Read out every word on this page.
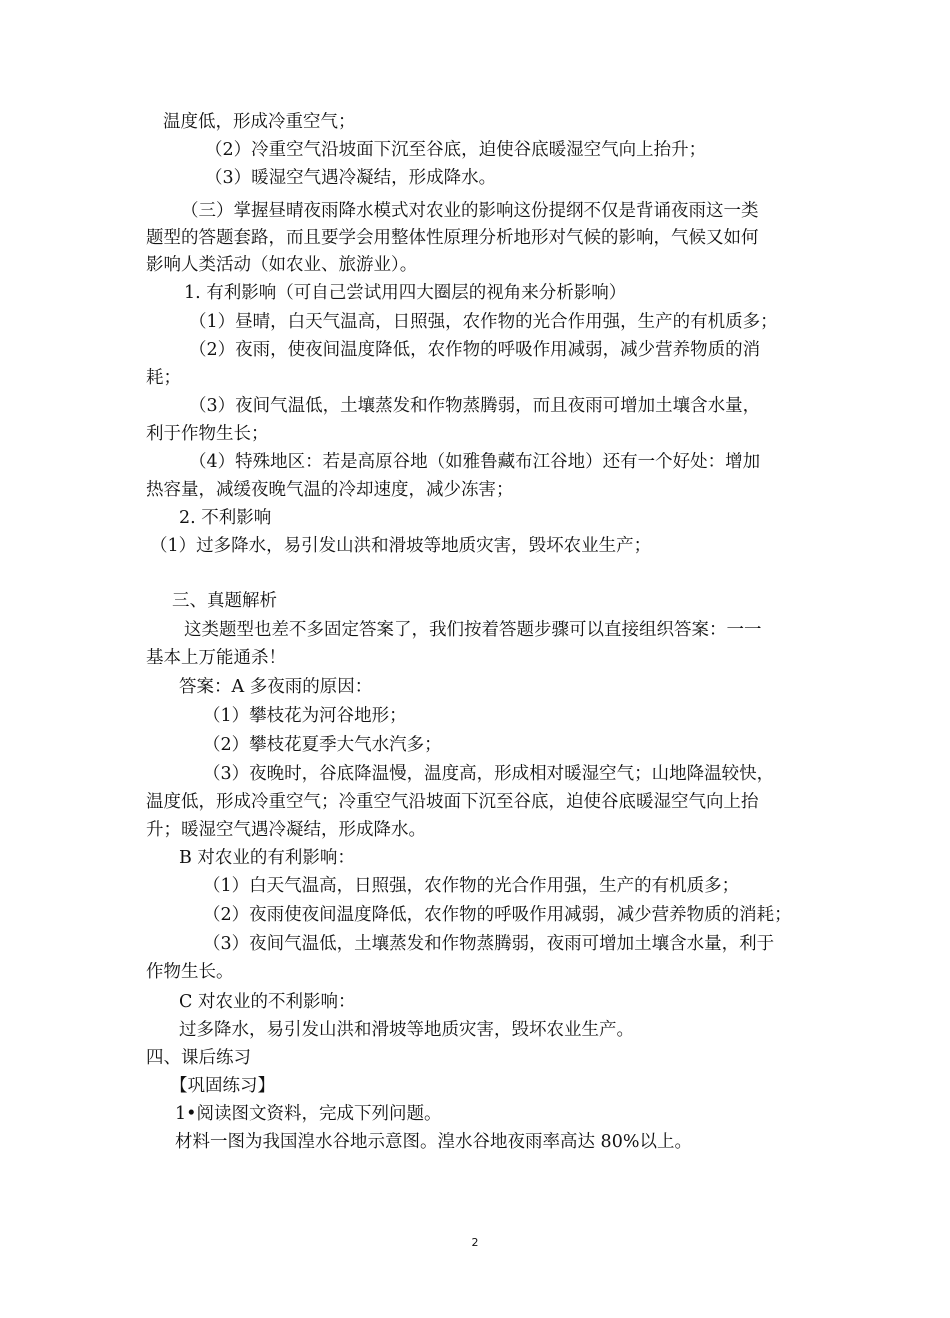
温度低，形成冷重空气；
（2）冷重空气沿坡面下沉至谷底，迫使谷底暖湿空气向上抬升；
（3）暖湿空气遇冷凝结，形成降水。
（三）掌握昼晴夜雨降水模式对农业的影响这份提纲不仅是背诵夜雨这一类
题型的答题套路，而且要学会用整体性原理分析地形对气候的影响，气候又如何
影响人类活动（如农业、旅游业）。
1. 有利影响（可自己尝试用四大圈层的视角来分析影响）
（1）昼晴，白天气温高，日照强，农作物的光合作用强，生产的有机质多；
（2）夜雨，使夜间温度降低，农作物的呼吸作用减弱，减少营养物质的消
耗；
（3）夜间气温低，土壤蒸发和作物蒸腾弱，而且夜雨可增加土壤含水量，
利于作物生长；
（4）特殊地区：若是高原谷地（如雅鲁藏布江谷地）还有一个好处：增加
热容量，减缓夜晚气温的冷却速度，减少冻害；
2. 不利影响
（1）过多降水，易引发山洪和滑坡等地质灾害，毁坏农业生产；
三、真题解析
这类题型也差不多固定答案了，我们按着答题步骤可以直接组织答案：一一
基本上万能通杀！
答案：A 多夜雨的原因：
（1）攀枝花为河谷地形；
（2）攀枝花夏季大气水汽多；
（3）夜晚时，谷底降温慢，温度高，形成相对暖湿空气；山地降温较快，
温度低，形成冷重空气；冷重空气沿坡面下沉至谷底，迫使谷底暖湿空气向上抬
升；暖湿空气遇冷凝结，形成降水。
B 对农业的有利影响：
（1）白天气温高，日照强，农作物的光合作用强，生产的有机质多；
（2）夜雨使夜间温度降低，农作物的呼吸作用减弱，减少营养物质的消耗；
（3）夜间气温低，土壤蒸发和作物蒸腾弱，夜雨可增加土壤含水量，利于
作物生长。
C 对农业的不利影响：
过多降水，易引发山洪和滑坡等地质灾害，毁坏农业生产。
四、课后练习
【巩固练习】
1•阅读图文资料，完成下列问题。
材料一图为我国湟水谷地示意图。湟水谷地夜雨率高达 80%以上。
2
